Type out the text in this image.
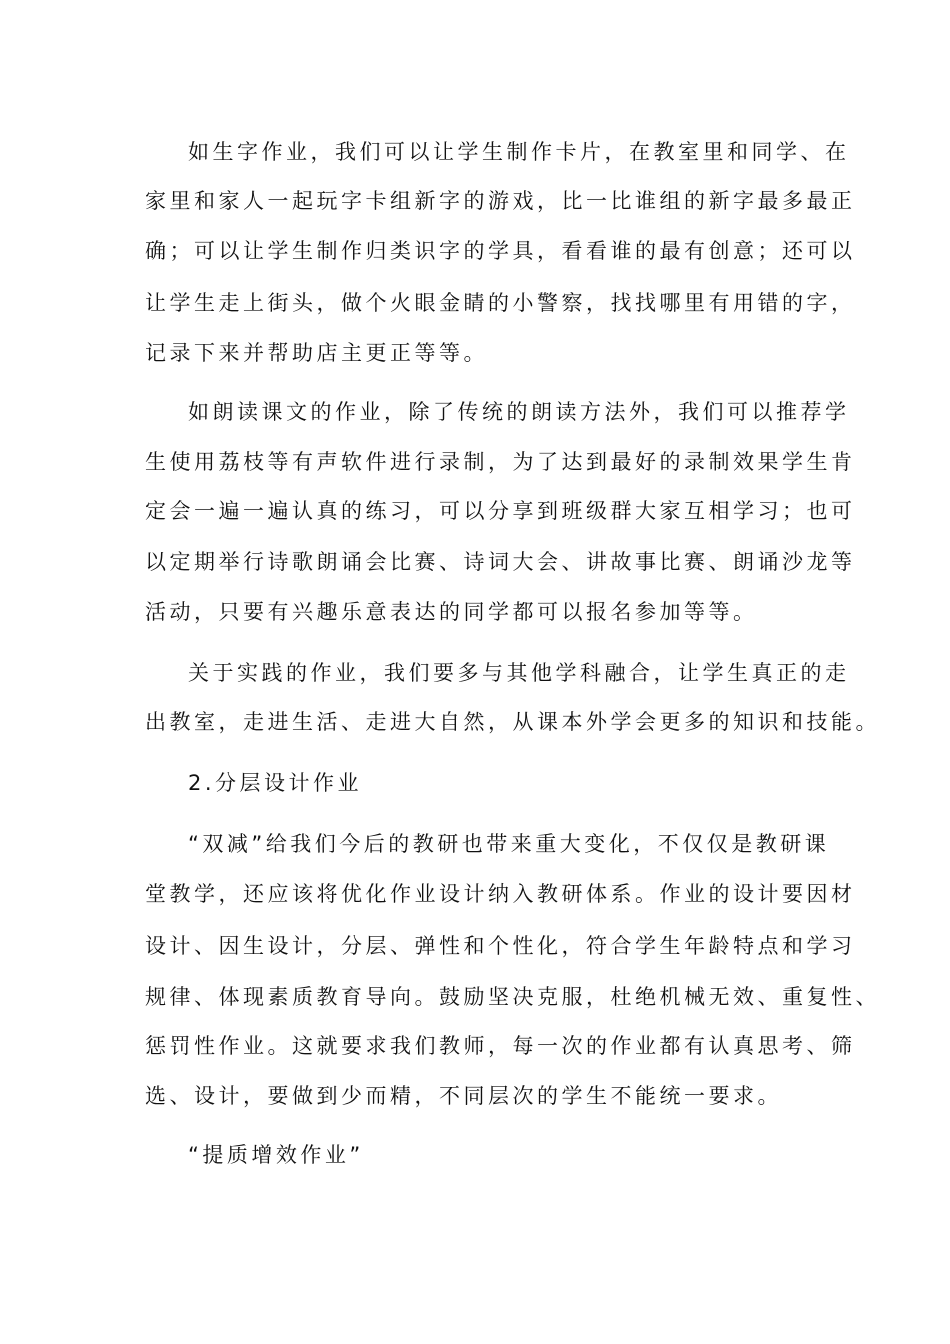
如生字作业，我们可以让学生制作卡片，在教室里和同学、在
家里和家人一起玩字卡组新字的游戏，比一比谁组的新字最多最正
确；可以让学生制作归类识字的学具，看看谁的最有创意；还可以
让学生走上街头，做个火眼金睛的小警察，找找哪里有用错的字，
记录下来并帮助店主更正等等。
如朗读课文的作业，除了传统的朗读方法外，我们可以推荐学
生使用荔枝等有声软件进行录制，为了达到最好的录制效果学生肯
定会一遍一遍认真的练习，可以分享到班级群大家互相学习；也可
以定期举行诗歌朗诵会比赛、诗词大会、讲故事比赛、朗诵沙龙等
活动，只要有兴趣乐意表达的同学都可以报名参加等等。
关于实践的作业，我们要多与其他学科融合，让学生真正的走
出教室，走进生活、走进大自然，从课本外学会更多的知识和技能。
2.分层设计作业
“双减”给我们今后的教研也带来重大变化，不仅仅是教研课
堂教学，还应该将优化作业设计纳入教研体系。作业的设计要因材
设计、因生设计，分层、弹性和个性化，符合学生年龄特点和学习
规律、体现素质教育导向。鼓励坚决克服，杜绝机械无效、重复性、
惩罚性作业。这就要求我们教师，每一次的作业都有认真思考、筛
选、设计，要做到少而精，不同层次的学生不能统一要求。
“提质增效作业”
